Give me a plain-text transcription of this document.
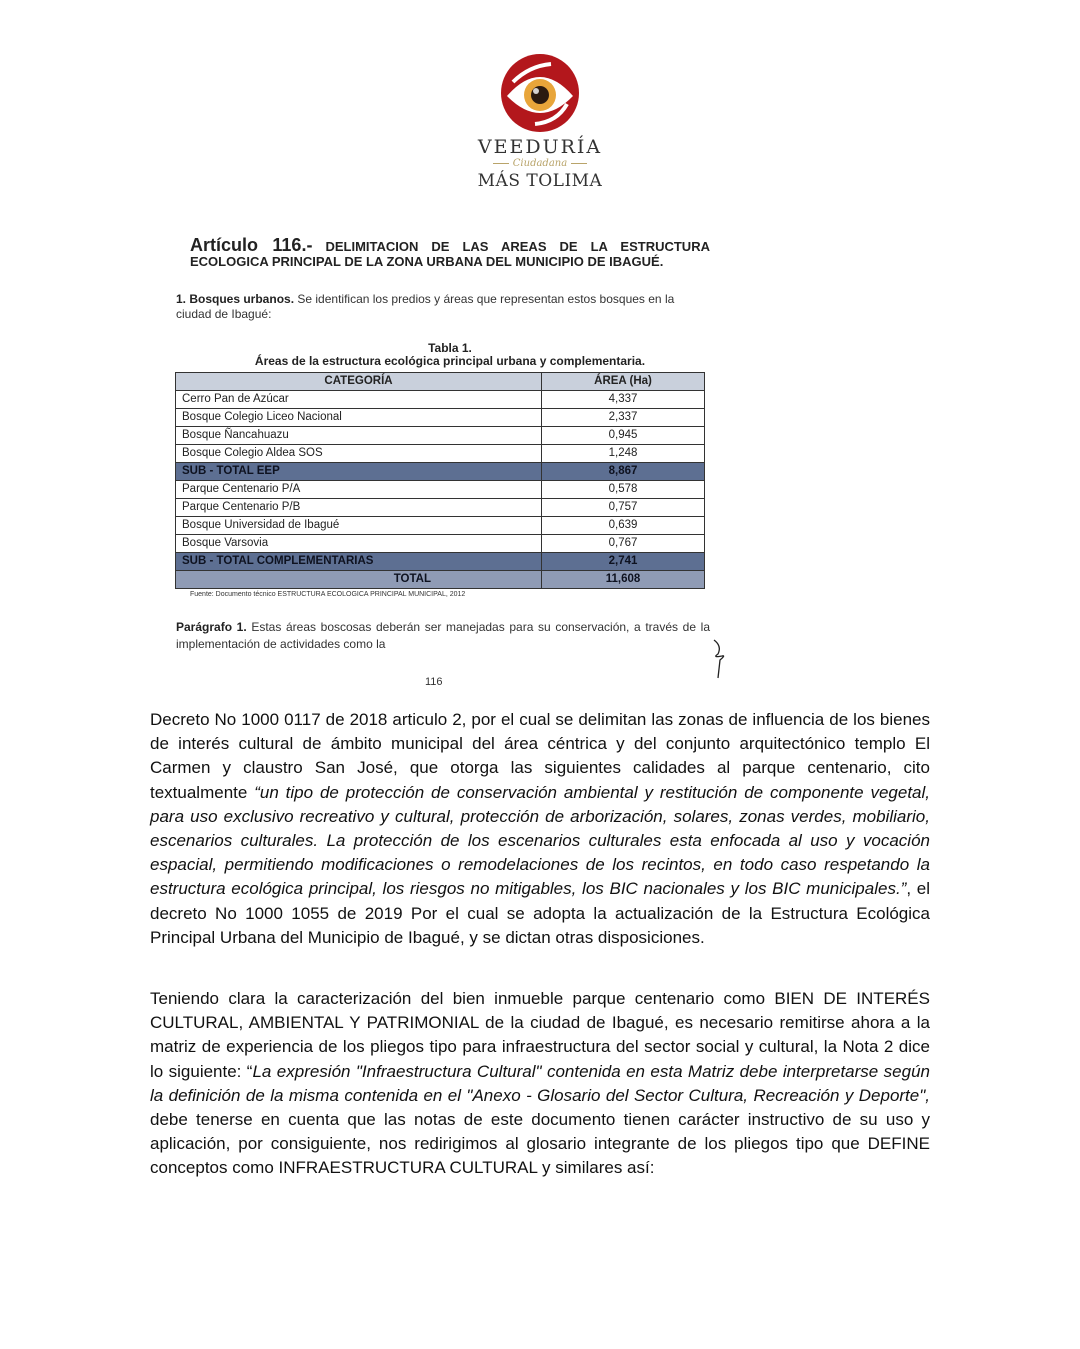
VEEDURÍA
Ciudadana
MÁS TOLIMA
Artículo 116.- DELIMITACION DE LAS AREAS DE LA ESTRUCTURA ECOLOGICA PRINCIPAL DE LA ZONA URBANA DEL MUNICIPIO DE IBAGUÉ.
1. Bosques urbanos. Se identifican los predios y áreas que representan estos bosques en la ciudad de Ibagué:
Tabla 1.
Áreas de la estructura ecológica principal urbana y complementaria.
CATEGORÍA	ÁREA (Ha)
Cerro Pan de Azúcar	4,337
Bosque Colegio Liceo Nacional	2,337
Bosque Ñancahuazu	0,945
Bosque Colegio Aldea SOS	1,248
SUB - TOTAL EEP	8,867
Parque Centenario P/A	0,578
Parque Centenario P/B	0,757
Bosque Universidad de Ibagué	0,639
Bosque Varsovia	0,767
SUB - TOTAL COMPLEMENTARIAS	2,741
TOTAL	11,608
Fuente: Documento técnico ESTRUCTURA ECOLOGICA PRINCIPAL MUNICIPAL, 2012
Parágrafo 1. Estas áreas boscosas deberán ser manejadas para su conservación, a través de la implementación de actividades como la
116
Decreto No 1000 0117 de 2018 articulo 2, por el cual se delimitan las zonas de influencia de los bienes de interés cultural de ámbito municipal del área céntrica y del conjunto arquitectónico templo El Carmen y claustro San José, que otorga las siguientes calidades al parque centenario, cito textualmente “un tipo de protección de conservación ambiental y restitución de componente vegetal, para uso exclusivo recreativo y cultural, protección de arborización, solares, zonas verdes, mobiliario, escenarios culturales. La protección de los escenarios culturales esta enfocada al uso y vocación espacial, permitiendo modificaciones o remodelaciones de los recintos, en todo caso respetando la estructura ecológica principal, los riesgos no mitigables, los BIC nacionales y los BIC municipales.”, el decreto No 1000 1055 de 2019 Por el cual se adopta la actualización de la Estructura Ecológica Principal Urbana del Municipio de Ibagué, y se dictan otras disposiciones.
Teniendo clara la caracterización del bien inmueble parque centenario como BIEN DE INTERÉS CULTURAL, AMBIENTAL Y PATRIMONIAL de la ciudad de Ibagué, es necesario remitirse ahora a la matriz de experiencia de los pliegos tipo para infraestructura del sector social y cultural, la Nota 2 dice lo siguiente: “La expresión "Infraestructura Cultural" contenida en esta Matriz debe interpretarse según la definición de la misma contenida en el "Anexo - Glosario del Sector Cultura, Recreación y Deporte", debe tenerse en cuenta que las notas de este documento tienen carácter instructivo de su uso y aplicación, por consiguiente, nos redirigimos al glosario integrante de los pliegos tipo que DEFINE conceptos como INFRAESTRUCTURA CULTURAL y similares así:
